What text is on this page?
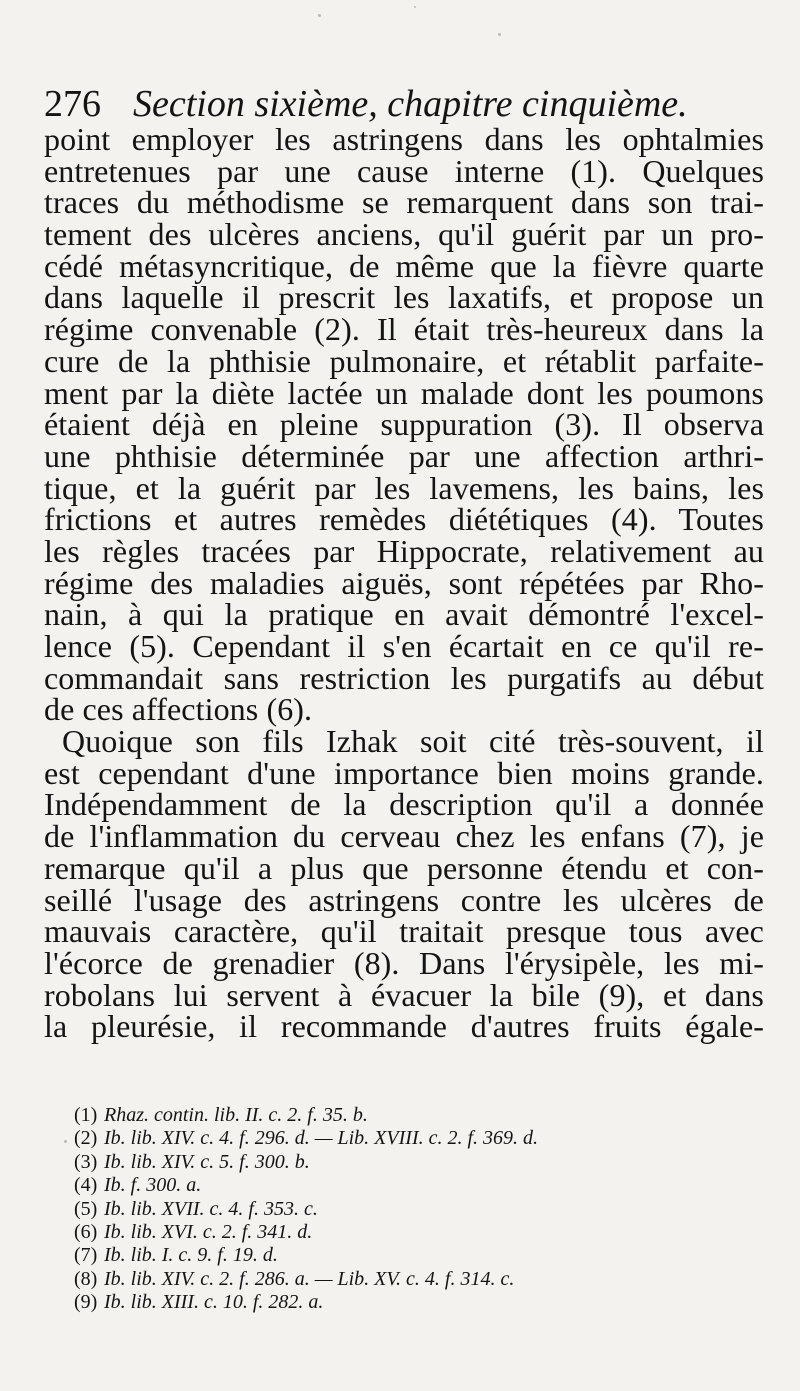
276 Section sixième, chapitre cinquième.
point employer les astringens dans les ophtalmies
entretenues par une cause interne (1). Quelques
traces du méthodisme se remarquent dans son trai-
tement des ulcères anciens, qu'il guérit par un pro-
cédé métasyncritique, de même que la fièvre quarte
dans laquelle il prescrit les laxatifs, et propose un
régime convenable (2). Il était très-heureux dans la
cure de la phthisie pulmonaire, et rétablit parfaite-
ment par la diète lactée un malade dont les poumons
étaient déjà en pleine suppuration (3). Il observa
une phthisie déterminée par une affection arthri-
tique, et la guérit par les lavemens, les bains, les
frictions et autres remèdes diététiques (4). Toutes
les règles tracées par Hippocrate, relativement au
régime des maladies aiguës, sont répétées par Rho-
nain, à qui la pratique en avait démontré l'excel-
lence (5). Cependant il s'en écartait en ce qu'il re-
commandait sans restriction les purgatifs au début
de ces affections (6).
Quoique son fils Izhak soit cité très-souvent, il
est cependant d'une importance bien moins grande.
Indépendamment de la description qu'il a donnée
de l'inflammation du cerveau chez les enfans (7), je
remarque qu'il a plus que personne étendu et con-
seillé l'usage des astringens contre les ulcères de
mauvais caractère, qu'il traitait presque tous avec
l'écorce de grenadier (8). Dans l'érysipèle, les mi-
robolans lui servent à évacuer la bile (9), et dans
la pleurésie, il recommande d'autres fruits égale-
(1) Rhaz. contin. lib. II. c. 2. f. 35. b.
(2) Ib. lib. XIV. c. 4. f. 296. d. — Lib. XVIII. c. 2. f. 369. d.
(3) Ib. lib. XIV. c. 5. f. 300. b.
(4) Ib. f. 300. a.
(5) Ib. lib. XVII. c. 4. f. 353. c.
(6) Ib. lib. XVI. c. 2. f. 341. d.
(7) Ib. lib. I. c. 9. f. 19. d.
(8) Ib. lib. XIV. c. 2. f. 286. a. — Lib. XV. c. 4. f. 314. c.
(9) Ib. lib. XIII. c. 10. f. 282. a.
